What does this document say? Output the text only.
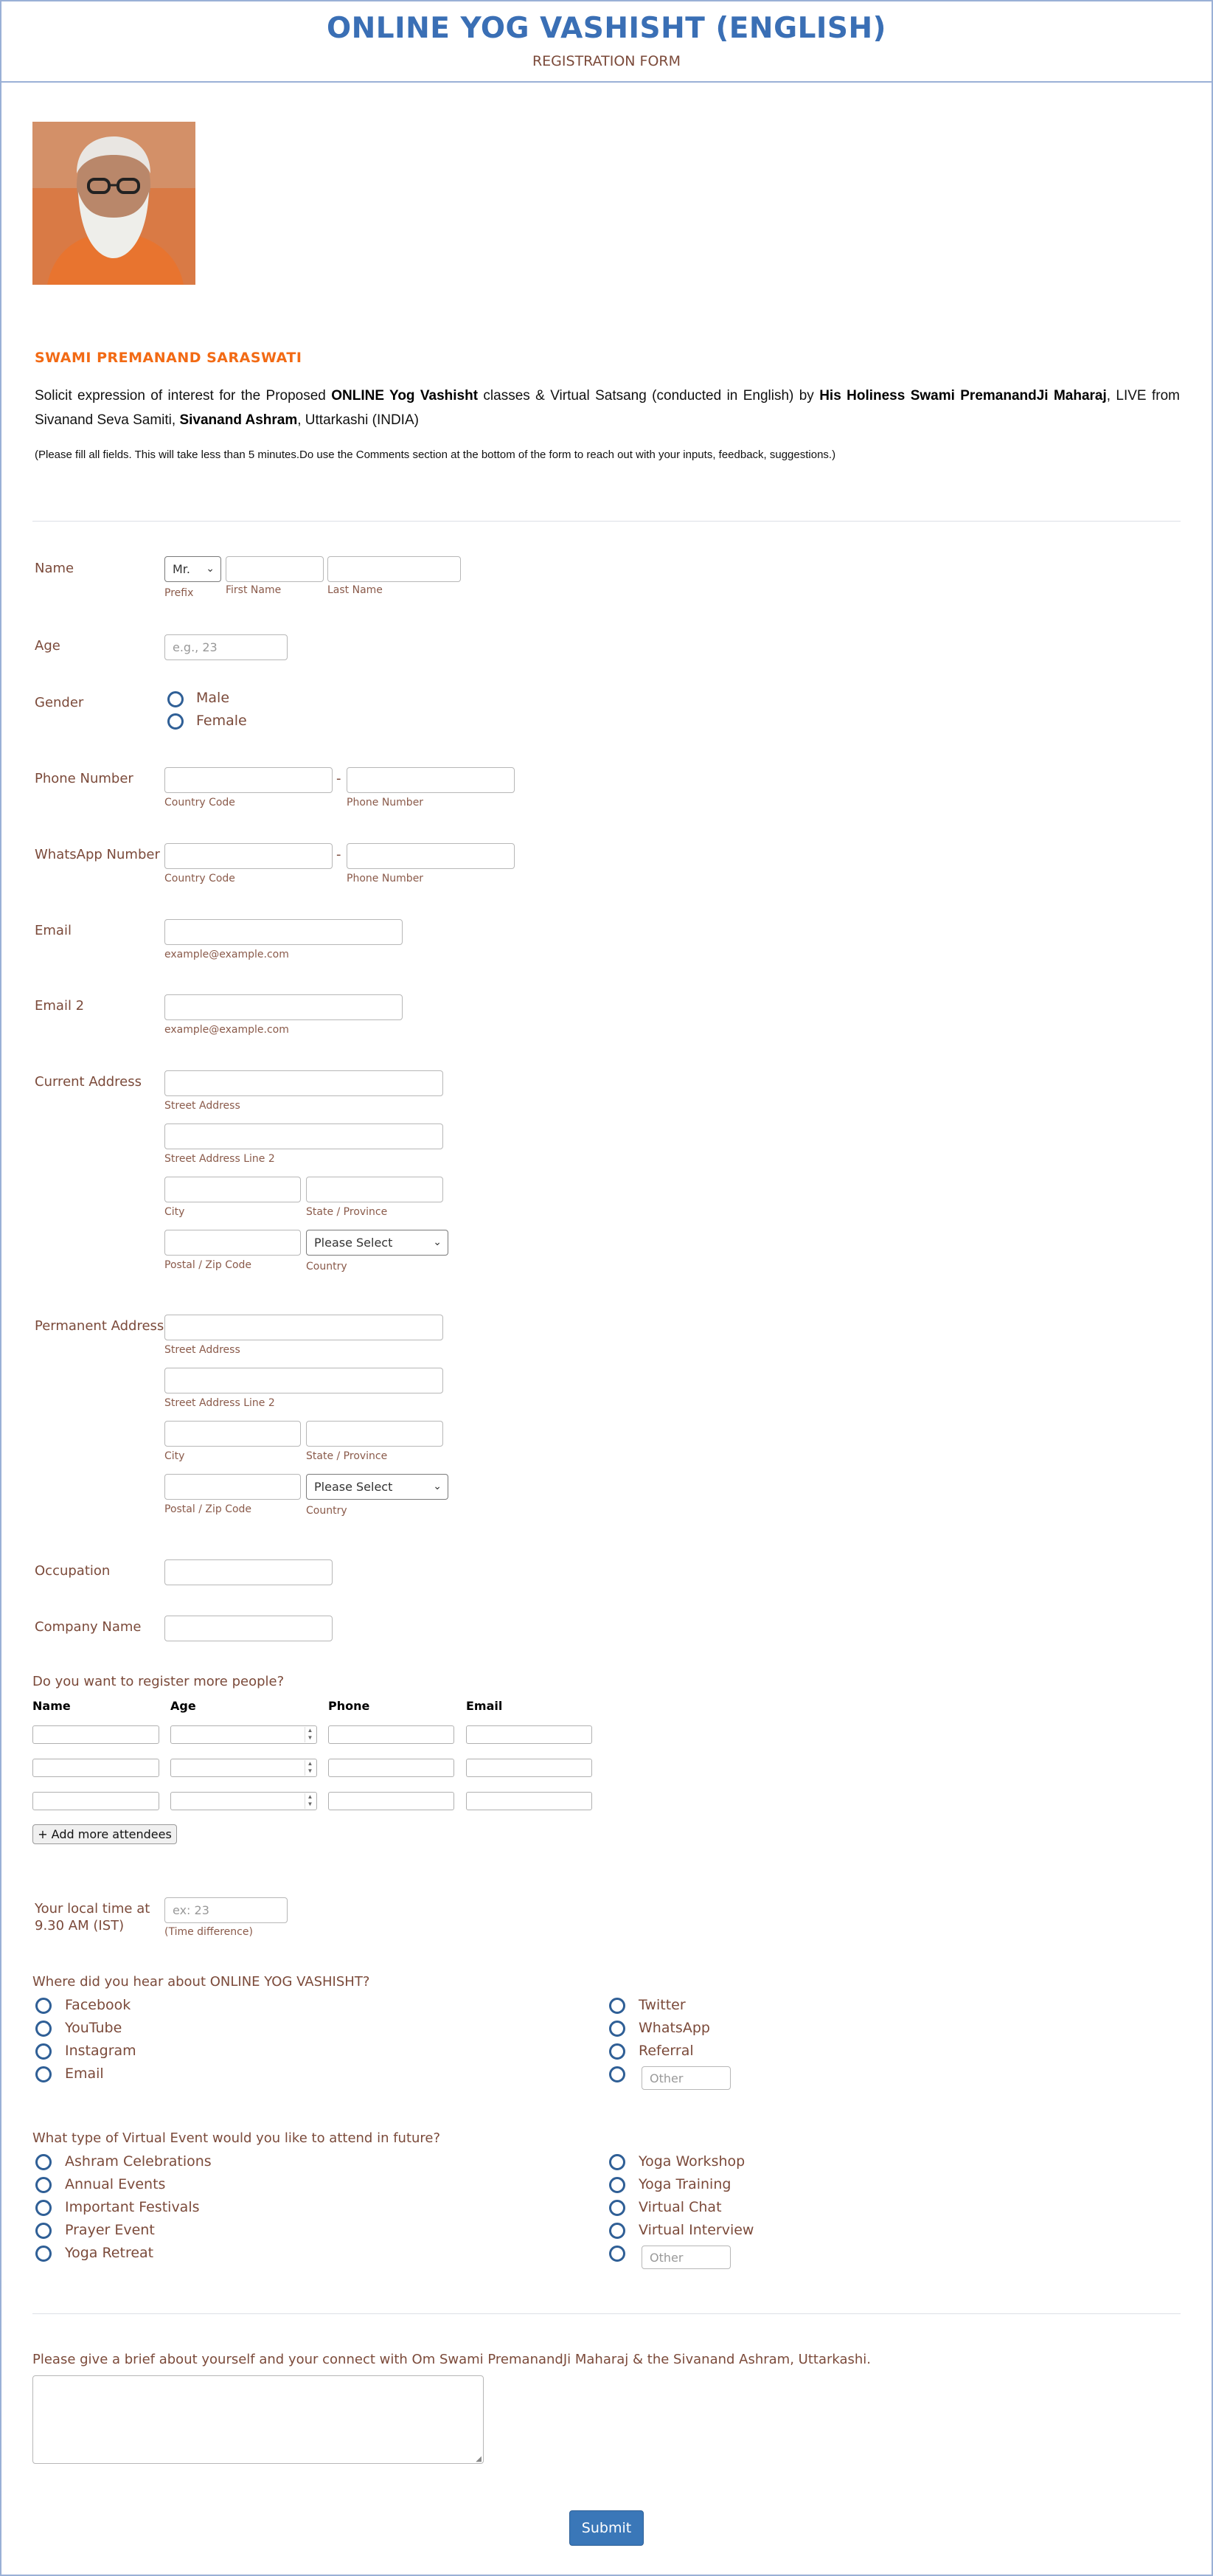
ONLINE YOG VASHISHT (ENGLISH)
REGISTRATION FORM
SWAMI PREMANAND SARASWATI
Solicit expression of interest for the Proposed ONLINE Yog Vashisht classes & Virtual Satsang (conducted in English) by His Holiness Swami PremanandJi Maharaj, LIVE from Sivanand Seva Samiti, Sivanand Ashram, Uttarkashi (INDIA)
(Please fill all fields. This will take less than 5 minutes.Do use the Comments section at the bottom of the form to reach out with your inputs, feedback, suggestions.)
Name	Mr. ⌄
Prefix	First Name	Last Name
Age	e.g., 23
Gender	Male
Female
Phone Number	-
Country Code	Phone Number
WhatsApp Number	-
Country Code	Phone Number
Email
example@example.com
Email 2
example@example.com
Current Address
Street Address
Street Address Line 2
City	State / Province
Postal / Zip Code
Please Select	⌄
Country
Permanent Address
Street Address
Street Address Line 2
City	State / Province
Postal / Zip Code
Please Select	⌄
Country
Occupation
Company Name
Do you want to register more people?
Name	Age	Phone	Email
▲
▼
▲
▼
▲
▼
+ Add more attendees
Your local time at
9.30 AM (IST)
ex: 23
(Time difference)
Where did you hear about ONLINE YOG VASHISHT?
Facebook
YouTube
Instagram
Email
Twitter
WhatsApp
Referral
Other
What type of Virtual Event would you like to attend in future?
Ashram Celebrations
Annual Events
Important Festivals
Prayer Event
Yoga Retreat
Yoga Workshop
Yoga Training
Virtual Chat
Virtual Interview
Other
Please give a brief about yourself and your connect with Om Swami PremanandJi Maharaj & the Sivanand Ashram, Uttarkashi.
◢
Submit
